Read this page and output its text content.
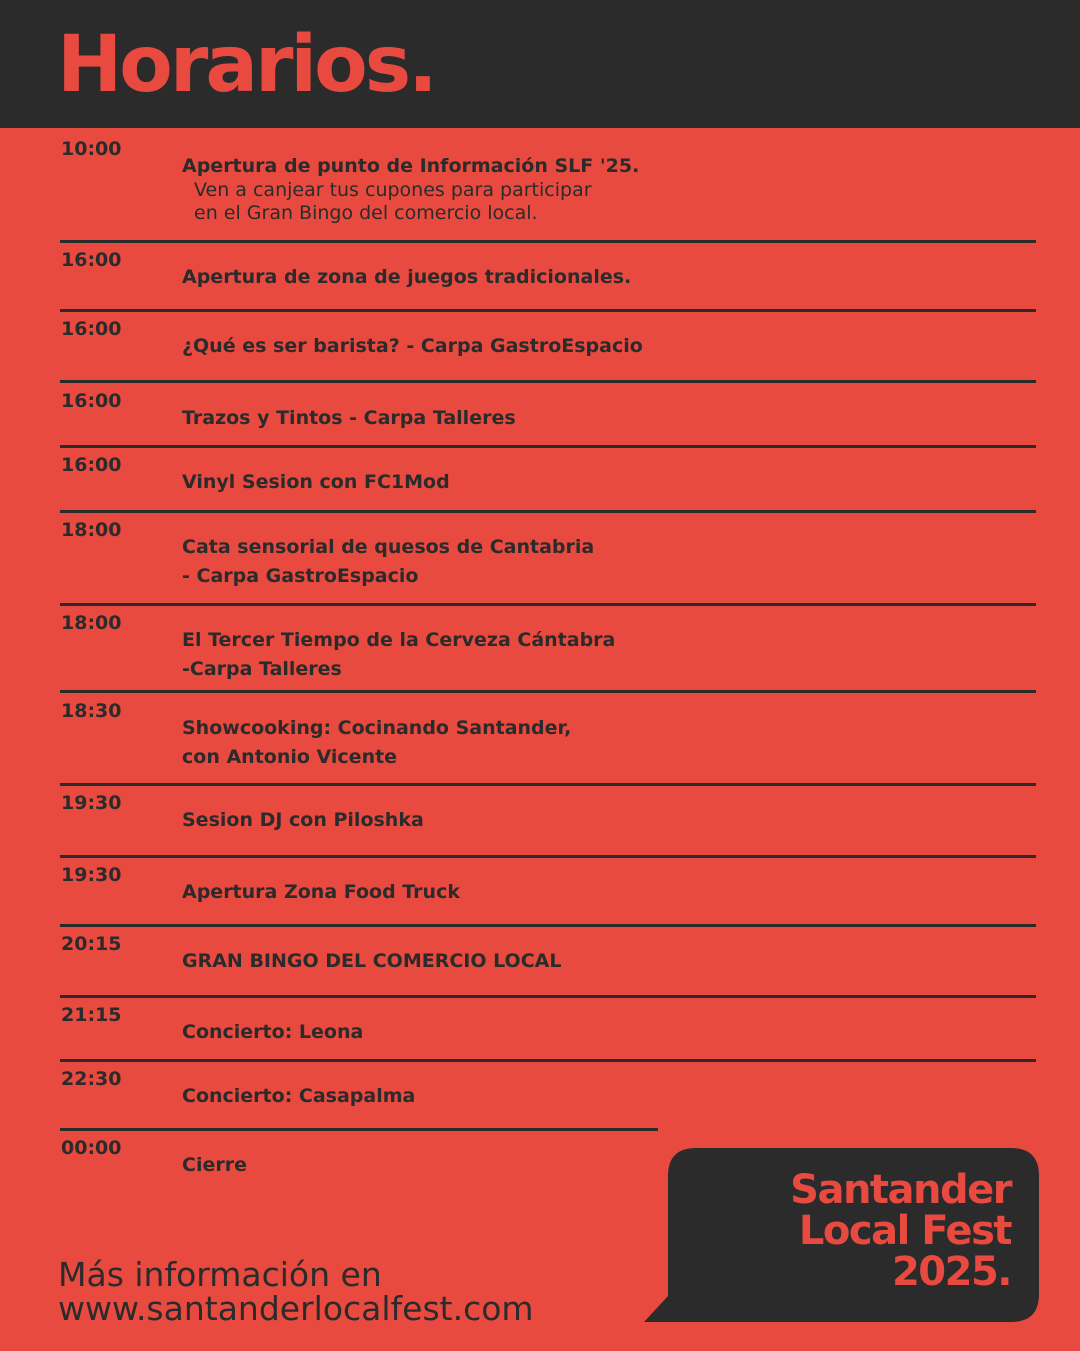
Horarios.
10:00
Apertura de punto de Información SLF '25.
Ven a canjear tus cupones para participar
en el Gran Bingo del comercio local.
16:00
Apertura de zona de juegos tradicionales.
16:00
¿Qué es ser barista? - Carpa GastroEspacio
16:00
Trazos y Tintos - Carpa Talleres
16:00
Vinyl Sesion con FC1Mod
18:00
Cata sensorial de quesos de Cantabria
- Carpa GastroEspacio
18:00
El Tercer Tiempo de la Cerveza Cántabra
-Carpa Talleres
18:30
Showcooking: Cocinando Santander,
con Antonio Vicente
19:30
Sesion DJ con Piloshka
19:30
Apertura Zona Food Truck
20:15
GRAN BINGO DEL COMERCIO LOCAL
21:15
Concierto: Leona
22:30
Concierto: Casapalma
00:00
Cierre
Más información en
www.santanderlocalfest.com
Santander
Local Fest
2025.
